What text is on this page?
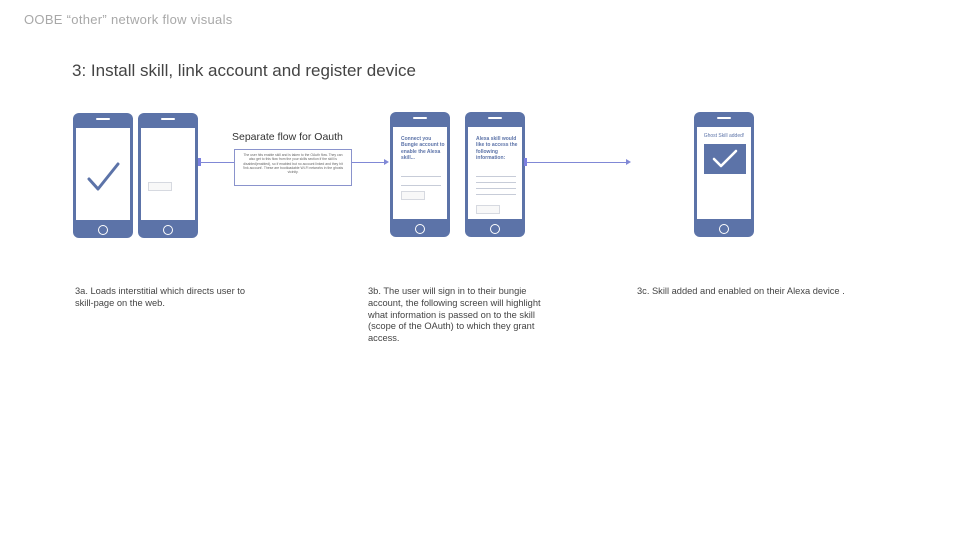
OOBE “other” network flow visuals
3: Install skill, link account and register device
Separate flow for Oauth
The user hits enable skill and is taken to the OAuth flow. They can also get to this flow from the your skills section if the skill is disabled(enabled), so if enabled but no account linked and they hit 'link account'. These are bootloadable Wi-Fi networks in the ghosts vicinity.
Connect you Bungie account to enable the Alexa skill...
Alexa skill would like to access the following information:
Ghost Skill added!
3a. Loads interstitial which directs user to skill-page on the web.
3b. The user will sign in to their bungie account, the following screen will highlight what information is passed on to the skill (scope of the OAuth) to which they grant access.
3c. Skill added and enabled on their Alexa device .
